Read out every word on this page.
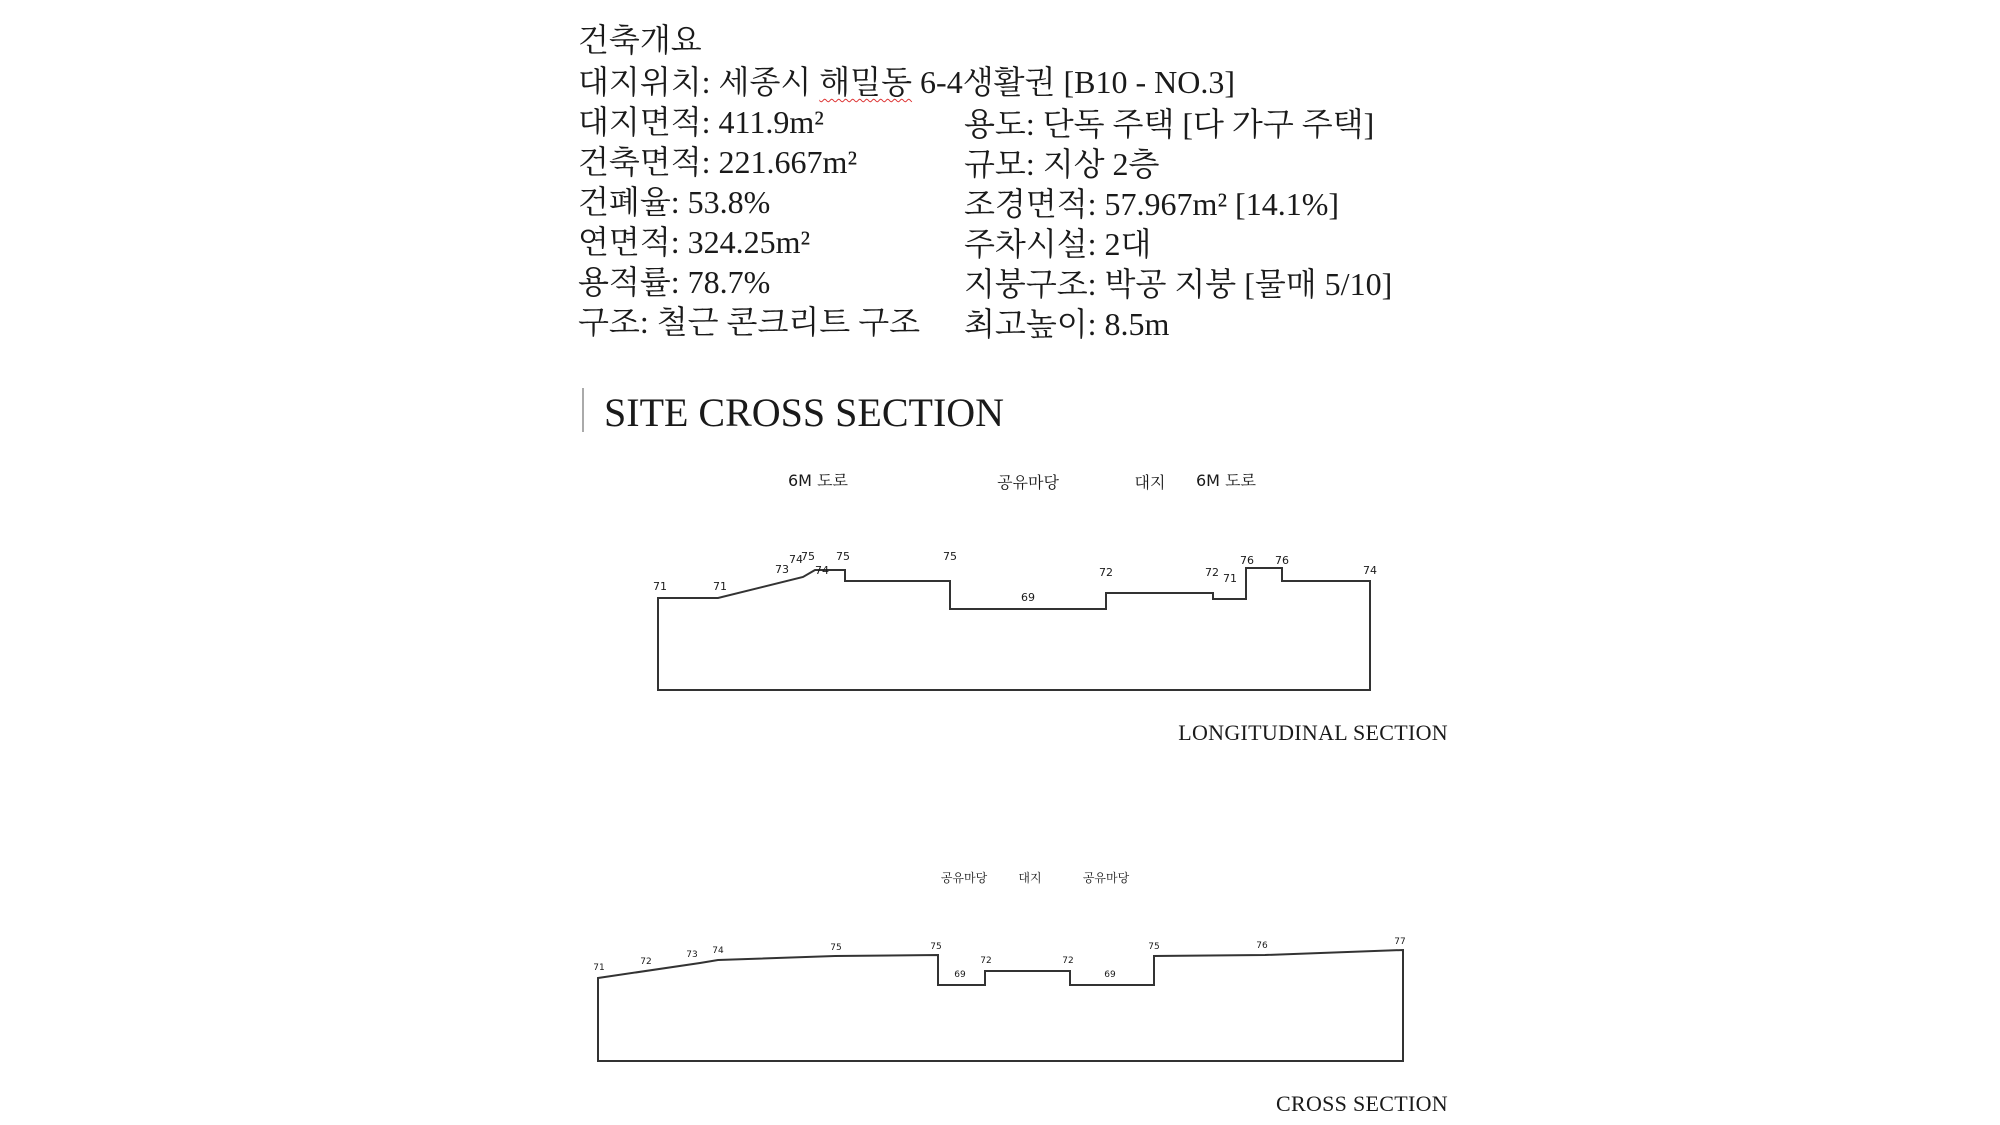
건축개요
대지위치: 세종시 해밀동 6-4생활권 [B10 - NO.3]
대지면적: 411.9m²
건축면적: 221.667m²
건폐율: 53.8%
연면적: 324.25m²
용적률: 78.7%
구조: 철근 콘크리트 구조
용도: 단독 주택 [다 가구 주택]
규모: 지상 2층
조경면적: 57.967m² [14.1%]
주차시설: 2대
지붕구조: 박공 지붕 [물매 5/10]
최고높이: 8.5m
SITE CROSS SECTION
6M 도로	공유마당	대지 6M 도로
71	71
73
74
75
74
75	75
69
72	72 71
76 76
74
공유마당	대지	공유마당
71
72
73 74	75	75
69
72	72
69
75	76	77
LONGITUDINAL SECTION
CROSS SECTION
